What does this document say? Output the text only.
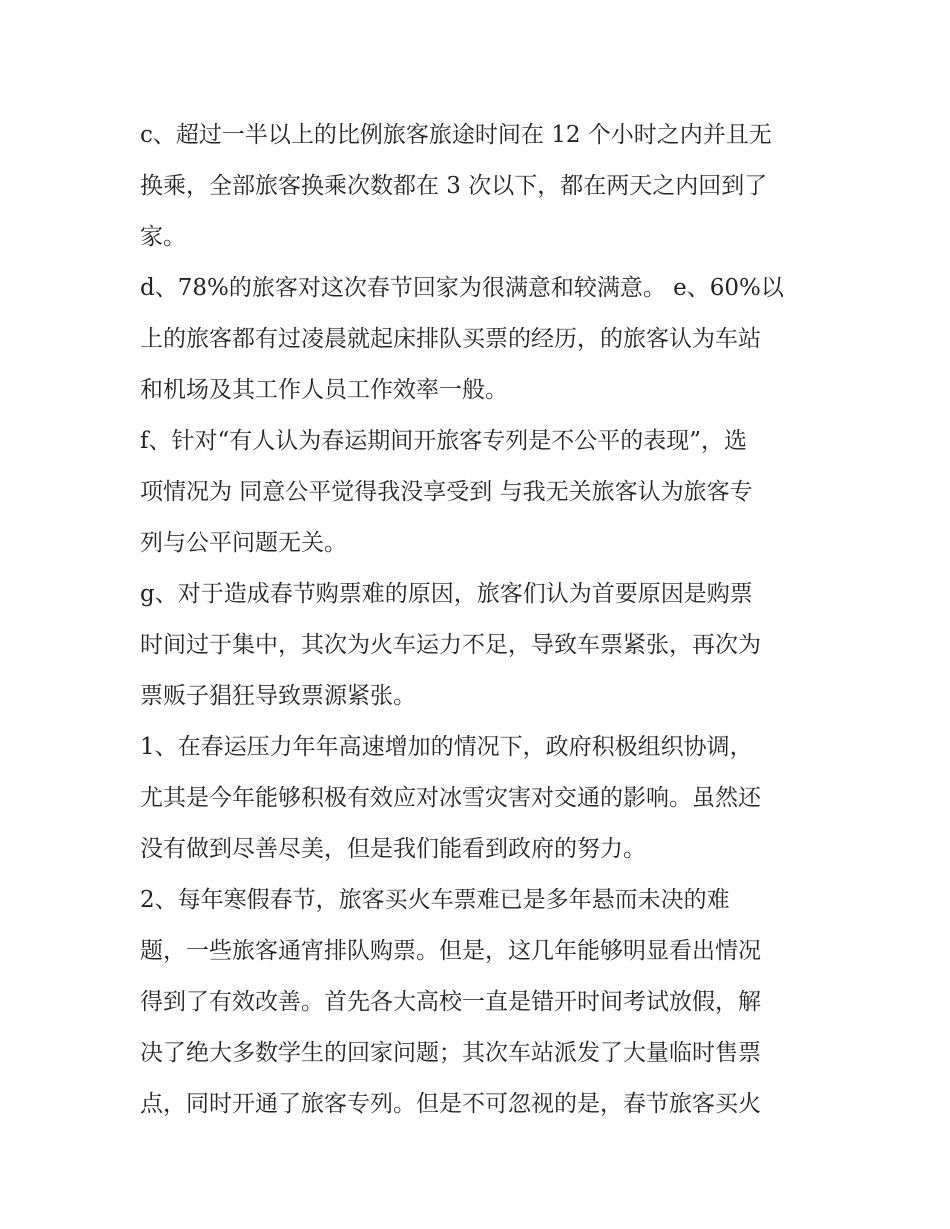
c、超过一半以上的比例旅客旅途时间在 12 个小时之内并且无
换乘，全部旅客换乘次数都在 3 次以下，都在两天之内回到了
家。
d、78%的旅客对这次春节回家为很满意和较满意。 e、60%以
上的旅客都有过凌晨就起床排队买票的经历，的旅客认为车站
和机场及其工作人员工作效率一般。
f、针对“有人认为春运期间开旅客专列是不公平的表现”，选
项情况为 同意公平觉得我没享受到 与我无关旅客认为旅客专
列与公平问题无关。
g、对于造成春节购票难的原因，旅客们认为首要原因是购票
时间过于集中，其次为火车运力不足，导致车票紧张，再次为
票贩子猖狂导致票源紧张。
1、在春运压力年年高速增加的情况下，政府积极组织协调，
尤其是今年能够积极有效应对冰雪灾害对交通的影响。虽然还
没有做到尽善尽美，但是我们能看到政府的努力。
2、每年寒假春节，旅客买火车票难已是多年悬而未决的难
题，一些旅客通宵排队购票。但是，这几年能够明显看出情况
得到了有效改善。首先各大高校一直是错开时间考试放假，解
决了绝大多数学生的回家问题；其次车站派发了大量临时售票
点，同时开通了旅客专列。但是不可忽视的是，春节旅客买火
